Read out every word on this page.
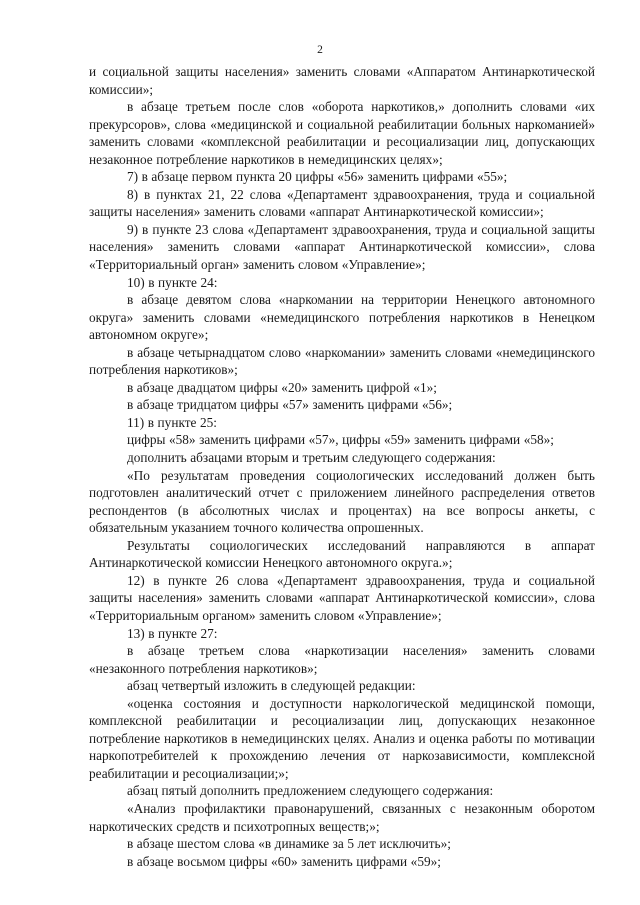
2

и социальной защиты населения» заменить словами «Аппаратом Антинаркотической комиссии»;

в абзаце третьем после слов «оборота наркотиков,» дополнить словами «их прекурсоров», слова «медицинской и социальной реабилитации больных наркоманией» заменить словами «комплексной реабилитации и ресоциализации лиц, допускающих незаконное потребление наркотиков в немедицинских целях»;

7) в абзаце первом пункта 20 цифры «56» заменить цифрами «55»;

8) в пунктах 21, 22 слова «Департамент здравоохранения, труда и социальной защиты населения» заменить словами «аппарат Антинаркотической комиссии»;

9) в пункте 23 слова «Департамент здравоохранения, труда и социальной защиты населения» заменить словами «аппарат Антинаркотической комиссии», слова «Территориальный орган» заменить словом «Управление»;

10) в пункте 24:

в абзаце девятом слова «наркомании на территории Ненецкого автономного округа» заменить словами «немедицинского потребления наркотиков в Ненецком автономном округе»;

в абзаце четырнадцатом слово «наркомании» заменить словами «немедицинского потребления наркотиков»;

в абзаце двадцатом цифры «20» заменить цифрой «1»;

в абзаце тридцатом цифры «57» заменить цифрами «56»;

11) в пункте 25:

цифры «58» заменить цифрами «57», цифры «59» заменить цифрами «58»;

дополнить абзацами вторым и третьим следующего содержания:

«По результатам проведения социологических исследований должен быть подготовлен аналитический отчет с приложением линейного распределения ответов респондентов (в абсолютных числах и процентах) на все вопросы анкеты, с обязательным указанием точного количества опрошенных.

Результаты социологических исследований направляются в аппарат Антинаркотической комиссии Ненецкого автономного округа.»;

12) в пункте 26 слова «Департамент здравоохранения, труда и социальной защиты населения» заменить словами «аппарат Антинаркотической комиссии», слова «Территориальным органом» заменить словом «Управление»;

13) в пункте 27:

в абзаце третьем слова «наркотизации населения» заменить словами «незаконного потребления наркотиков»;

абзац четвертый изложить в следующей редакции:

«оценка состояния и доступности наркологической медицинской помощи, комплексной реабилитации и ресоциализации лиц, допускающих незаконное потребление наркотиков в немедицинских целях. Анализ и оценка работы по мотивации наркопотребителей к прохождению лечения от наркозависимости, комплексной реабилитации и ресоциализации;»;

абзац пятый дополнить предложением следующего содержания:

«Анализ профилактики правонарушений, связанных с незаконным оборотом наркотических средств и психотропных веществ;»;

в абзаце шестом слова «в динамике за 5 лет исключить»;

в абзаце восьмом цифры «60» заменить цифрами «59»;
